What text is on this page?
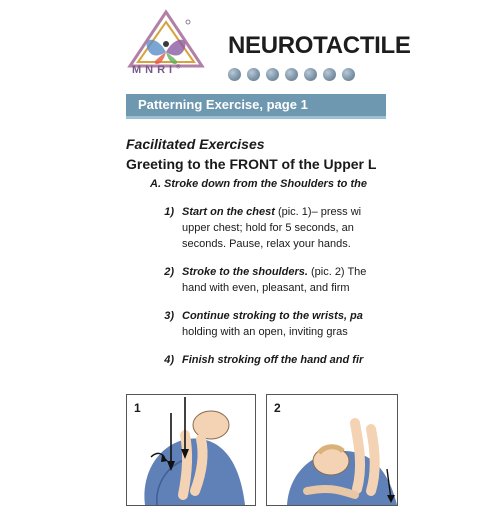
MNRI®
NEUROTACTILE
Patterning Exercise, page 1

Facilitated Exercises

Greeting to the FRONT of the Upper L

A. Stroke down from the Shoulders to the

1) Start on the chest (pic. 1)– press wi
upper chest; hold for 5 seconds, an
seconds. Pause, relax your hands.
2) Stroke to the shoulders. (pic. 2) The
hand with even, pleasant, and firm
3) Continue stroking to the wrists, pa
holding with an open, inviting gras
4) Finish stroking off the hand and fir
1	2
